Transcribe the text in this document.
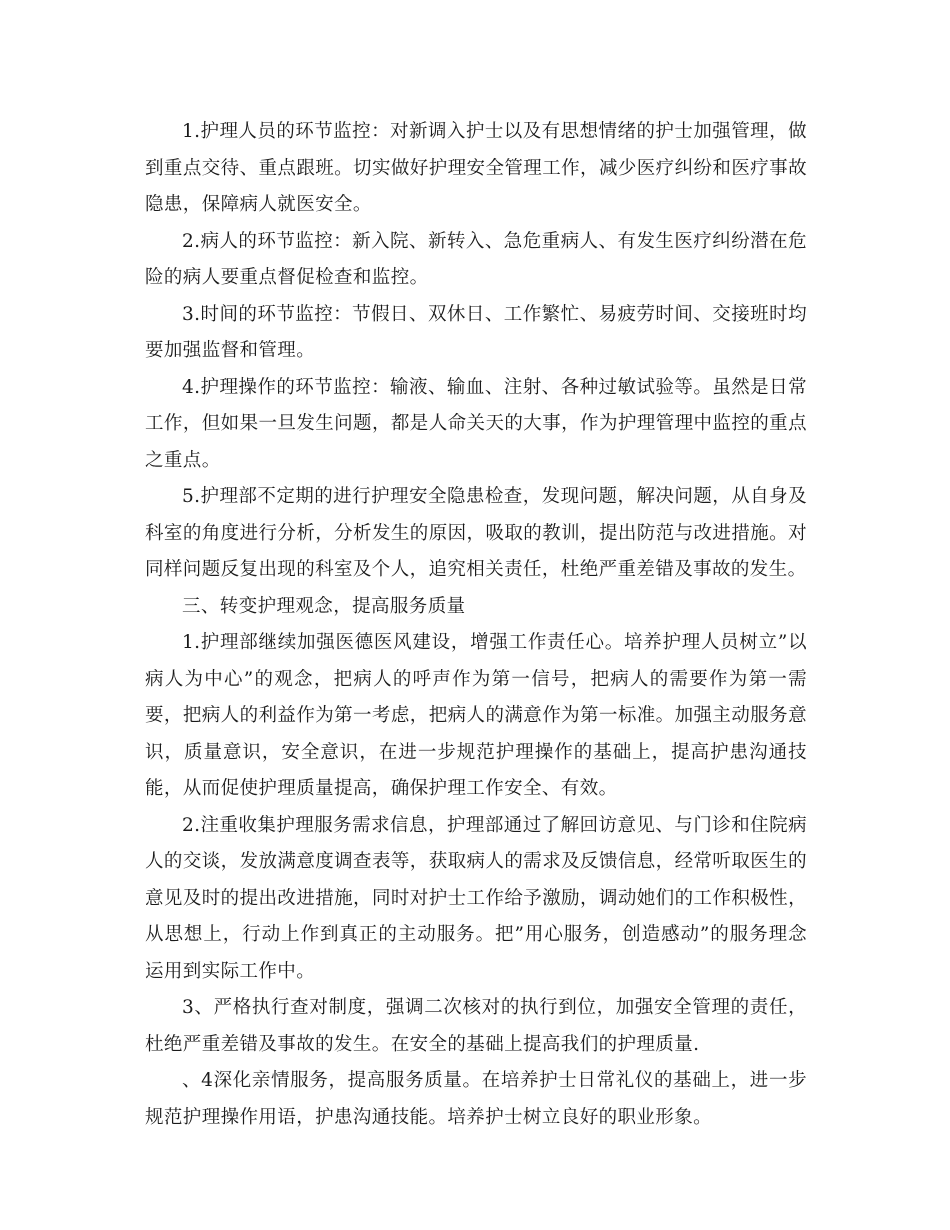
1.护理人员的环节监控：对新调入护士以及有思想情绪的护士加强管理，做到重点交待、重点跟班。切实做好护理安全管理工作，减少医疗纠纷和医疗事故隐患，保障病人就医安全。

2.病人的环节监控：新入院、新转入、急危重病人、有发生医疗纠纷潜在危险的病人要重点督促检查和监控。

3.时间的环节监控：节假日、双休日、工作繁忙、易疲劳时间、交接班时均要加强监督和管理。

4.护理操作的环节监控：输液、输血、注射、各种过敏试验等。虽然是日常工作，但如果一旦发生问题，都是人命关天的大事，作为护理管理中监控的重点之重点。

5.护理部不定期的进行护理安全隐患检查，发现问题，解决问题，从自身及科室的角度进行分析，分析发生的原因，吸取的教训，提出防范与改进措施。对同样问题反复出现的科室及个人，追究相关责任，杜绝严重差错及事故的发生。

三、转变护理观念，提高服务质量

1.护理部继续加强医德医风建设，增强工作责任心。培养护理人员树立”以病人为中心”的观念，把病人的呼声作为第一信号，把病人的需要作为第一需要，把病人的利益作为第一考虑，把病人的满意作为第一标准。加强主动服务意识，质量意识，安全意识，在进一步规范护理操作的基础上，提高护患沟通技能，从而促使护理质量提高，确保护理工作安全、有效。

2.注重收集护理服务需求信息，护理部通过了解回访意见、与门诊和住院病人的交谈，发放满意度调查表等，获取病人的需求及反馈信息，经常听取医生的意见及时的提出改进措施，同时对护士工作给予激励，调动她们的工作积极性，从思想上，行动上作到真正的主动服务。把”用心服务，创造感动”的服务理念运用到实际工作中。

3、严格执行查对制度，强调二次核对的执行到位，加强安全管理的责任，杜绝严重差错及事故的发生。在安全的基础上提高我们的护理质量.

、4深化亲情服务，提高服务质量。在培养护士日常礼仪的基础上，进一步规范护理操作用语，护患沟通技能。培养护士树立良好的职业形象。
